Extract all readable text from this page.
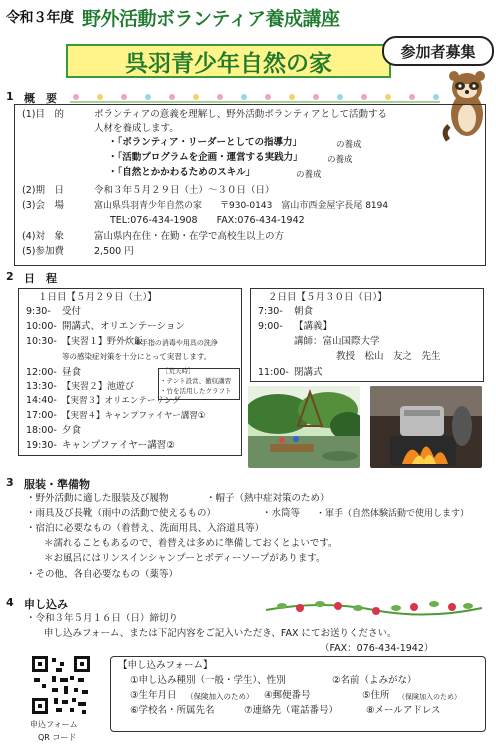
令和３年度 野外活動ボランティア養成講座
呉羽青少年自然の家	参加者募集
1 概　要
(1)目　的	ボランティアの意義を理解し、野外活動ボランティアとして活動する
人材を養成します。
・「ボランティア・リーダーとしての指導力」	の養成
・「活動プログラムを企画・運営する実践力」	の養成
・「自然とかかわるためのスキル」	の養成
(2)期　日	令和３年５月２９日（土）～３０日（日）
(3)会　場	富山県呉羽青少年自然の家　　〒930-0143　富山市西金屋字長尾 8194
TEL:076-434-1908　　FAX:076-434-1942
(4)対　象	富山県内在住・在勤・在学で高校生以上の方
(5)参加費	2,500 円
2 日　程
１日目【５月２９日（土）】
9:30- 受付
10:00- 開講式、オリエンテーション
10:30- 【実習１】野外炊飯
※手指の消毒や用具の洗浄
等の感染症対策を十分にとって実習します。
12:00- 昼食
13:30- 【実習２】池遊び
14:40- 【実習３】オリエンテーリング
17:00- 【実習４】キャンプファイヤー講習①
18:00- 夕食
19:30- キャンプファイヤー講習②
［荒天時］
・テント設営、撤収講習
・竹を活用したクラフト
２日目【５月３０日（日）】
7:30- 朝食
9:00- 【講義】
講師：富山国際大学
教授　松山　友之　先生
11:00- 閉講式
3 服装・準備物
・野外活動に適した服装及び履物	・帽子（熱中症対策のため）
・雨具及び長靴（雨中の活動で使えるもの）	・水筒等 ・軍手（自然体験活動で使用します）
・宿泊に必要なもの（着替え、洗面用具、入浴道具等）
＊濡れることもあるので、着替えは多めに準備しておくとよいです。
＊お風呂にはリンスインシャンプーとボディーソープがあります。
・その他、各自必要なもの（薬等）
4 申し込み
・令和３年５月１６日（日）締切り
申し込みフォーム、または下記内容をご記入いただき、FAX にてお送りください。
（FAX：076-434-1942）
申込フォーム
QR コード
【申し込みフォーム】
①申し込み種別（一般・学生）、性別	②名前（よみがな）
③生年月日 （保険加入のため） ④郵便番号	⑤住所 （保険加入のため）
⑥学校名・所属先名	⑦連絡先（電話番号）	⑧メールアドレス
